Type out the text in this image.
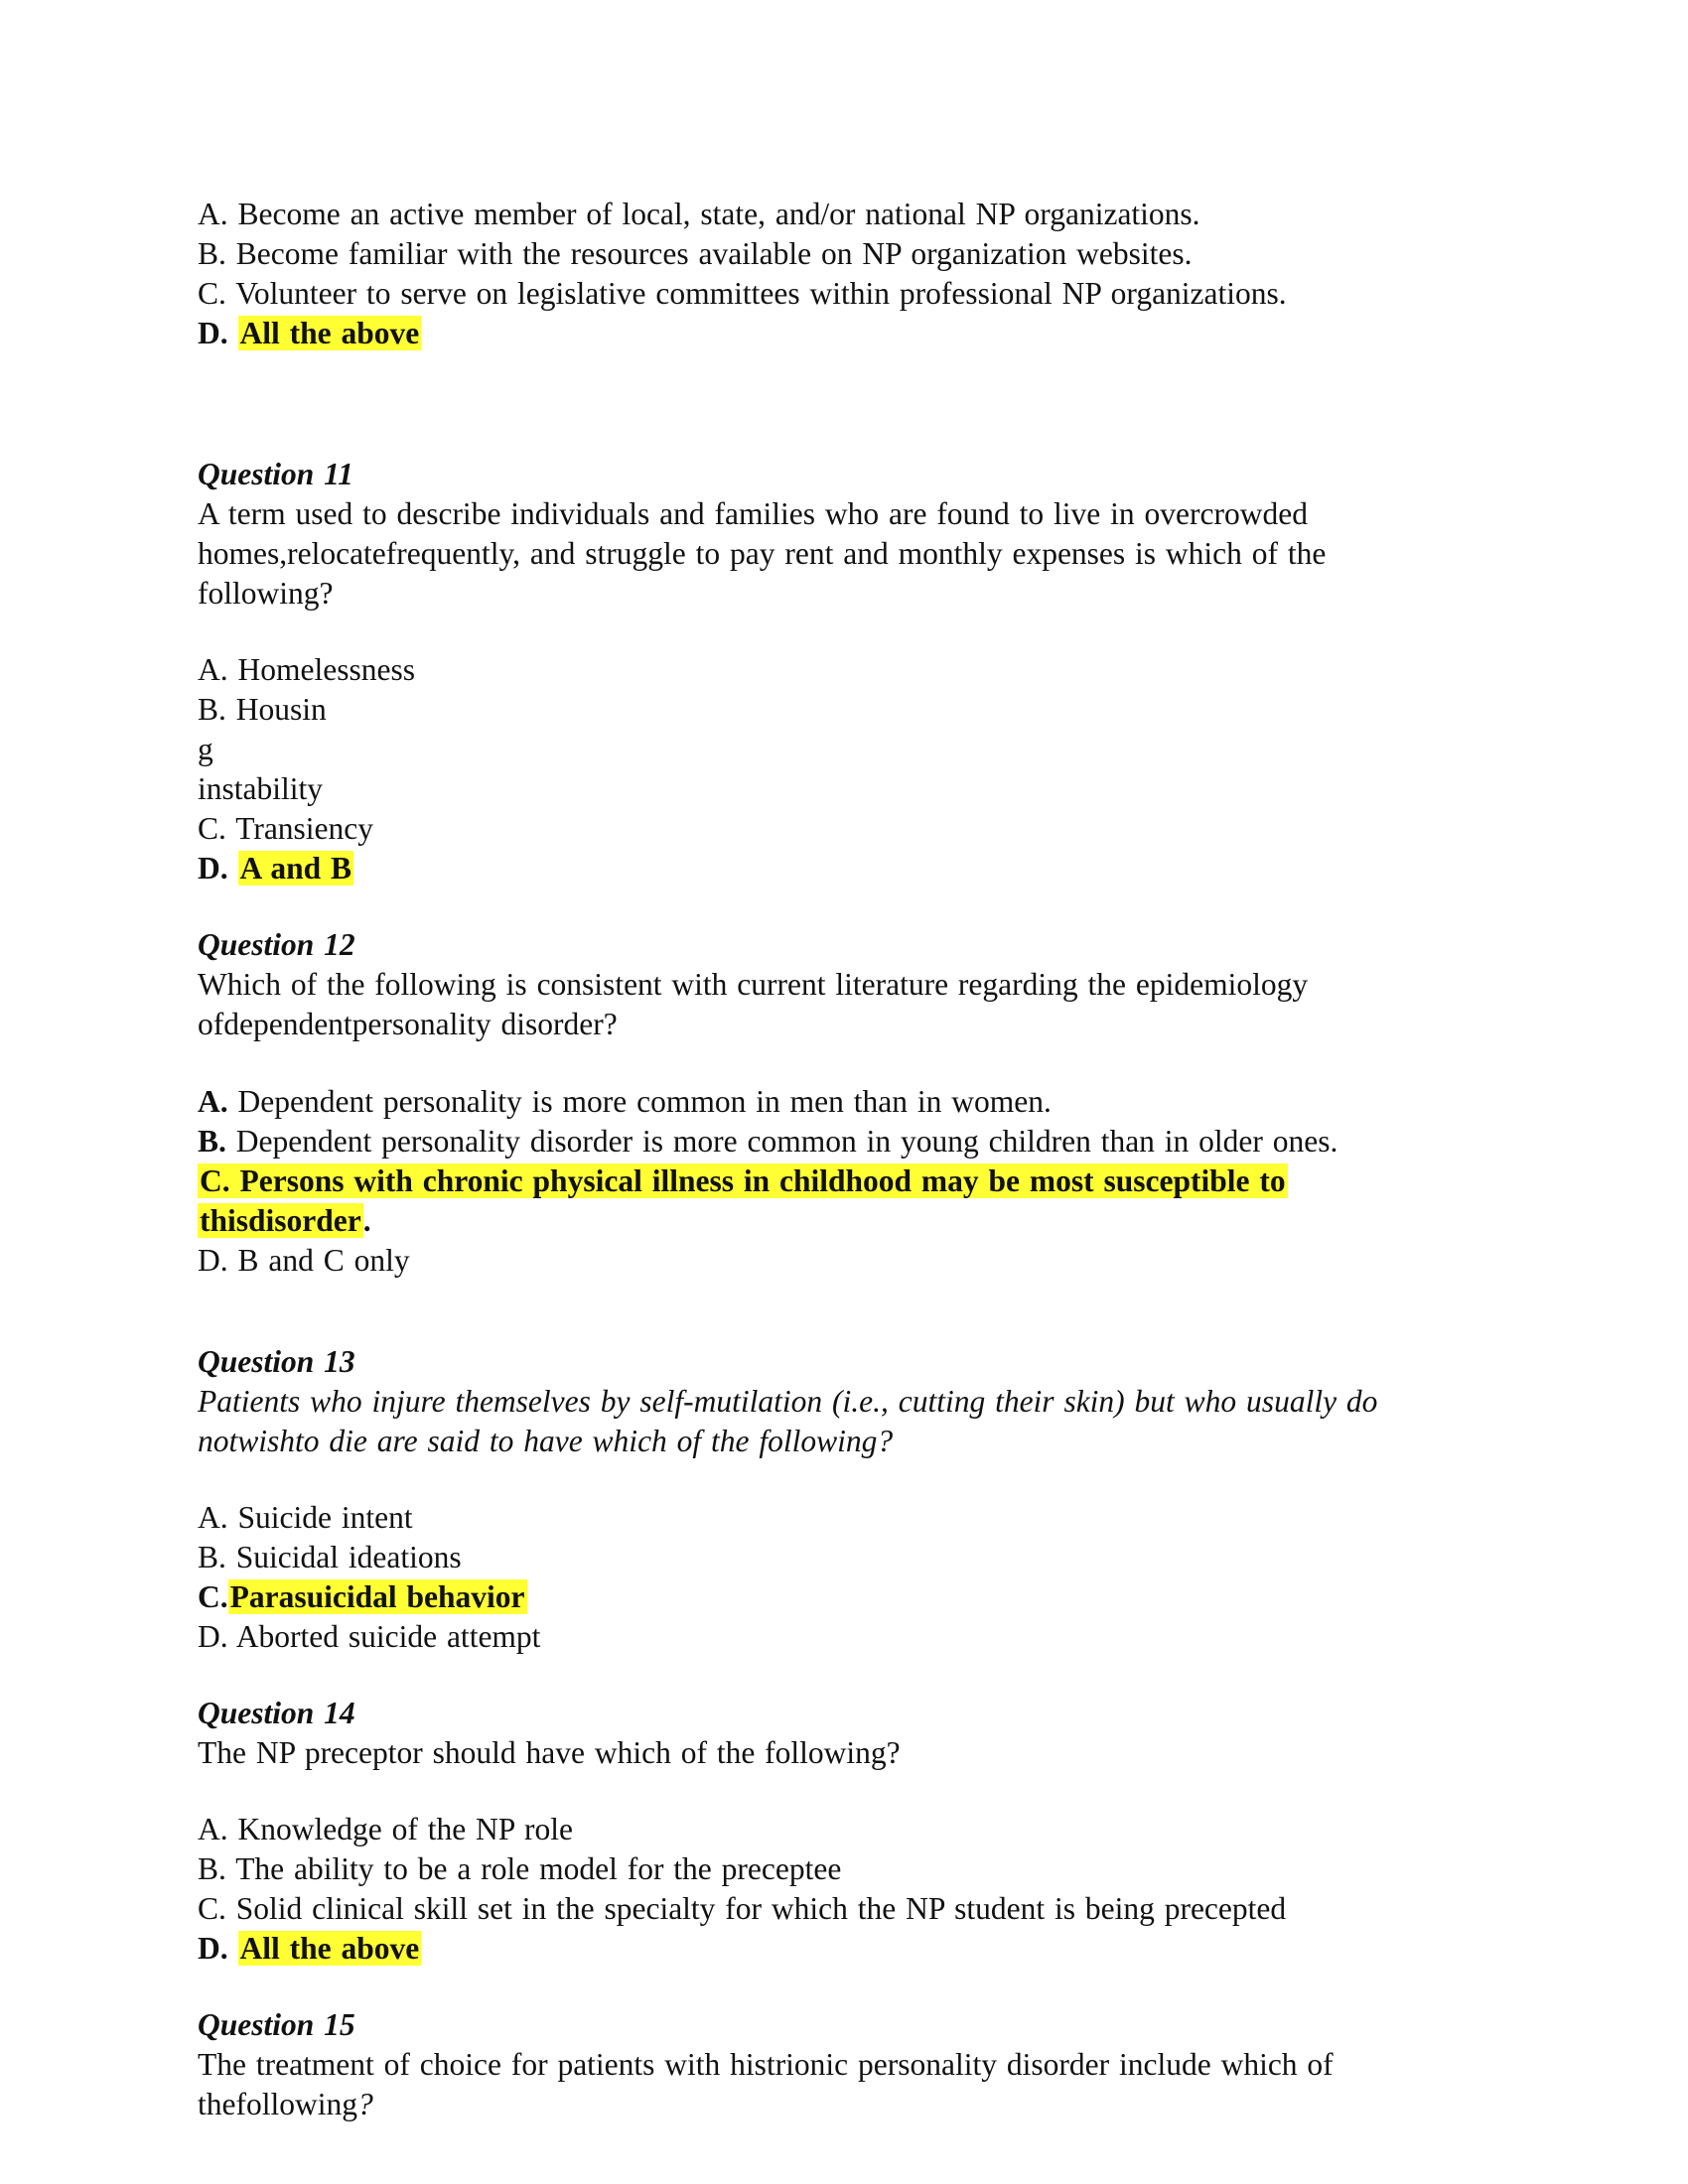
A. Become an active member of local, state, and/or national NP organizations.
B. Become familiar with the resources available on NP organization websites.
C. Volunteer to serve on legislative committees within professional NP organizations.
D. All the above
Question 11
A term used to describe individuals and families who are found to live in overcrowded
homes,relocatefrequently, and struggle to pay rent and monthly expenses is which of the
following?
A. Homelessness
B. Housin
g
instability
C. Transiency
D. A and B
Question 12
Which of the following is consistent with current literature regarding the epidemiology
ofdependentpersonality disorder?
A. Dependent personality is more common in men than in women.
B. Dependent personality disorder is more common in young children than in older ones.
C. Persons with chronic physical illness in childhood may be most susceptible to
thisdisorder.
D. B and C only
Question 13
Patients who injure themselves by self-mutilation (i.e., cutting their skin) but who usually do
notwishto die are said to have which of the following?
A. Suicide intent
B. Suicidal ideations
C.Parasuicidal behavior
D. Aborted suicide attempt
Question 14
The NP preceptor should have which of the following?
A. Knowledge of the NP role
B. The ability to be a role model for the preceptee
C. Solid clinical skill set in the specialty for which the NP student is being precepted
D. All the above
Question 15
The treatment of choice for patients with histrionic personality disorder include which of
thefollowing?
